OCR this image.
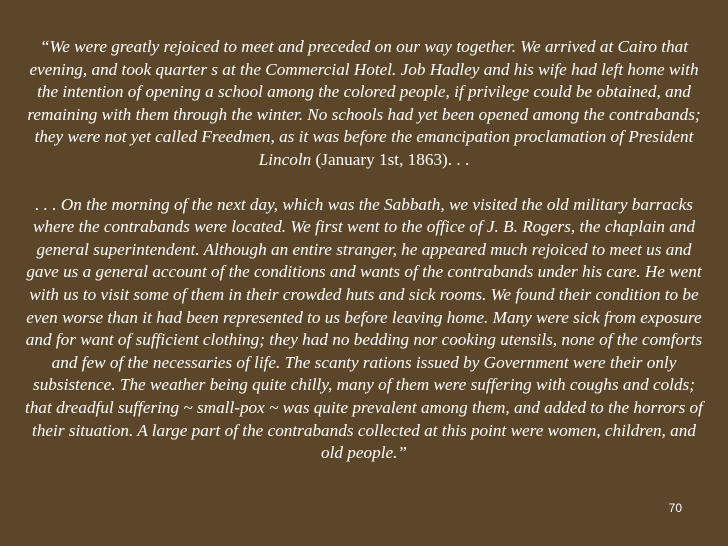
“We were greatly rejoiced to meet and preceded on our way together. We arrived at Cairo that evening, and took quarter s at the Commercial Hotel. Job Hadley and his wife had left home with the intention of opening a school among the colored people, if privilege could be obtained, and remaining with them through the winter. No schools had yet been opened among the contrabands; they were not yet called Freedmen, as it was before the emancipation proclamation of President Lincoln (January 1st, 1863). . .

. . . On the morning of the next day, which was the Sabbath, we visited the old military barracks where the contrabands were located. We first went to the office of J. B. Rogers, the chaplain and general superintendent. Although an entire stranger, he appeared much rejoiced to meet us and gave us a general account of the conditions and wants of the contrabands under his care. He went with us to visit some of them in their crowded huts and sick rooms. We found their condition to be even worse than it had been represented to us before leaving home. Many were sick from exposure and for want of sufficient clothing; they had no bedding nor cooking utensils, none of the comforts and few of the necessaries of life. The scanty rations issued by Government were their only subsistence. The weather being quite chilly, many of them were suffering with coughs and colds; that dreadful suffering ~ small-pox ~ was quite prevalent among them, and added to the horrors of their situation. A large part of the contrabands collected at this point were women, children, and old people.”

70
